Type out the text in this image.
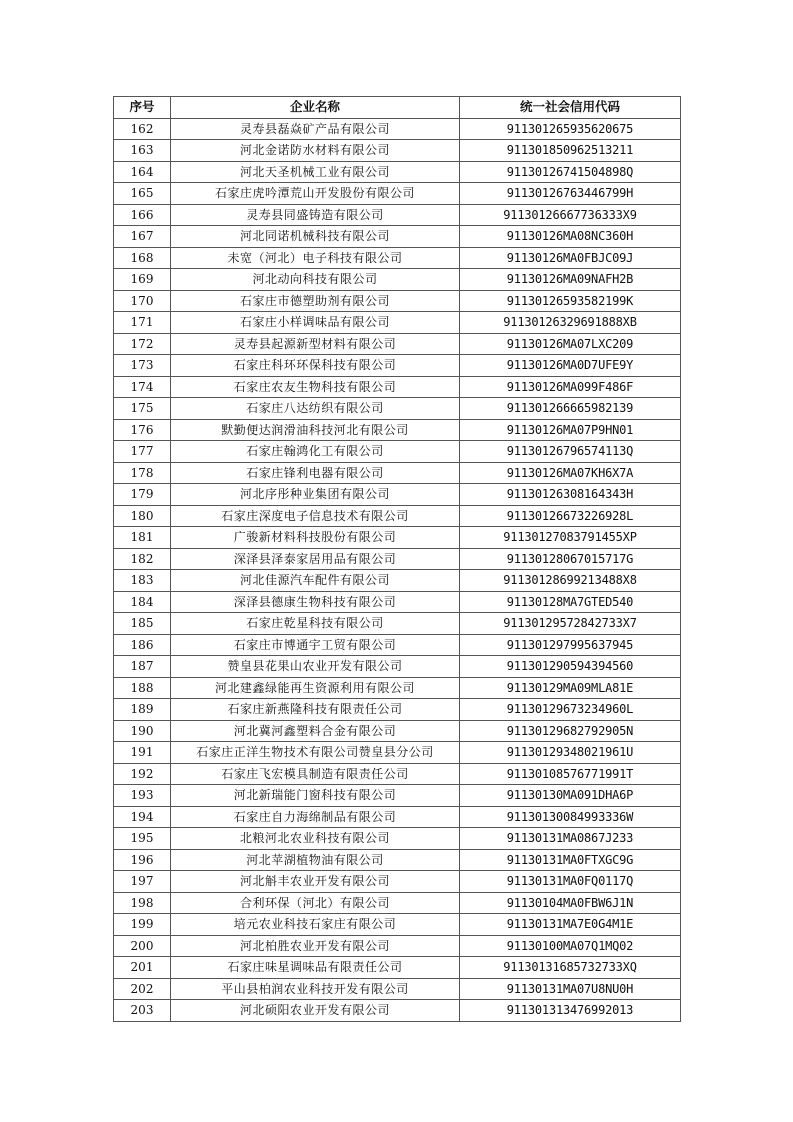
序号	企业名称	统一社会信用代码
162	灵寿县磊焱矿产品有限公司	911301265935620675
163	河北金诺防水材料有限公司	911301850962513211
164	河北天圣机械工业有限公司	91130126741504898Q
165	石家庄虎吟潭荒山开发股份有限公司	91130126763446799H
166	灵寿县同盛铸造有限公司	91130126667736333X9
167	河北同诺机械科技有限公司	91130126MA08NC360H
168	未宽（河北）电子科技有限公司	91130126MA0FBJC09J
169	河北动向科技有限公司	91130126MA09NAFH2B
170	石家庄市德塑助剂有限公司	91130126593582199K
171	石家庄小样调味品有限公司	91130126329691888XB
172	灵寿县起源新型材料有限公司	91130126MA07LXC209
173	石家庄科环环保科技有限公司	91130126MA0D7UFE9Y
174	石家庄农友生物科技有限公司	91130126MA099F486F
175	石家庄八达纺织有限公司	911301266665982139
176	默勤便达润滑油科技河北有限公司	91130126MA07P9HN01
177	石家庄翰鸿化工有限公司	91130126796574113Q
178	石家庄锋利电器有限公司	91130126MA07KH6X7A
179	河北序彤种业集团有限公司	91130126308164343H
180	石家庄深度电子信息技术有限公司	91130126673226928L
181	广骏新材料科技股份有限公司	91130127083791455XP
182	深泽县泽泰家居用品有限公司	91130128067015717G
183	河北佳源汽车配件有限公司	91130128699213488X8
184	深泽县德康生物科技有限公司	91130128MA7GTED540
185	石家庄乾星科技有限公司	91130129572842733X7
186	石家庄市博通宇工贸有限公司	911301297995637945
187	赞皇县花果山农业开发有限公司	911301290594394560
188	河北建鑫绿能再生资源利用有限公司	91130129MA09MLA81E
189	石家庄新燕隆科技有限责任公司	91130129673234960L
190	河北冀河鑫塑料合金有限公司	91130129682792905N
191	石家庄正洋生物技术有限公司赞皇县分公司	91130129348021961U
192	石家庄飞宏模具制造有限责任公司	91130108576771991T
193	河北新瑞能门窗科技有限公司	91130130MA091DHA6P
194	石家庄自力海绵制品有限公司	91130130084993336W
195	北粮河北农业科技有限公司	91130131MA0867J233
196	河北苹湖植物油有限公司	91130131MA0FTXGC9G
197	河北斛丰农业开发有限公司	91130131MA0FQ0117Q
198	合利环保（河北）有限公司	91130104MA0FBW6J1N
199	培元农业科技石家庄有限公司	91130131MA7E0G4M1E
200	河北柏胜农业开发有限公司	91130100MA07Q1MQ02
201	石家庄味星调味品有限责任公司	91130131685732733XQ
202	平山县柏润农业科技开发有限公司	91130131MA07U8NU0H
203	河北硕阳农业开发有限公司	911301313476992013
